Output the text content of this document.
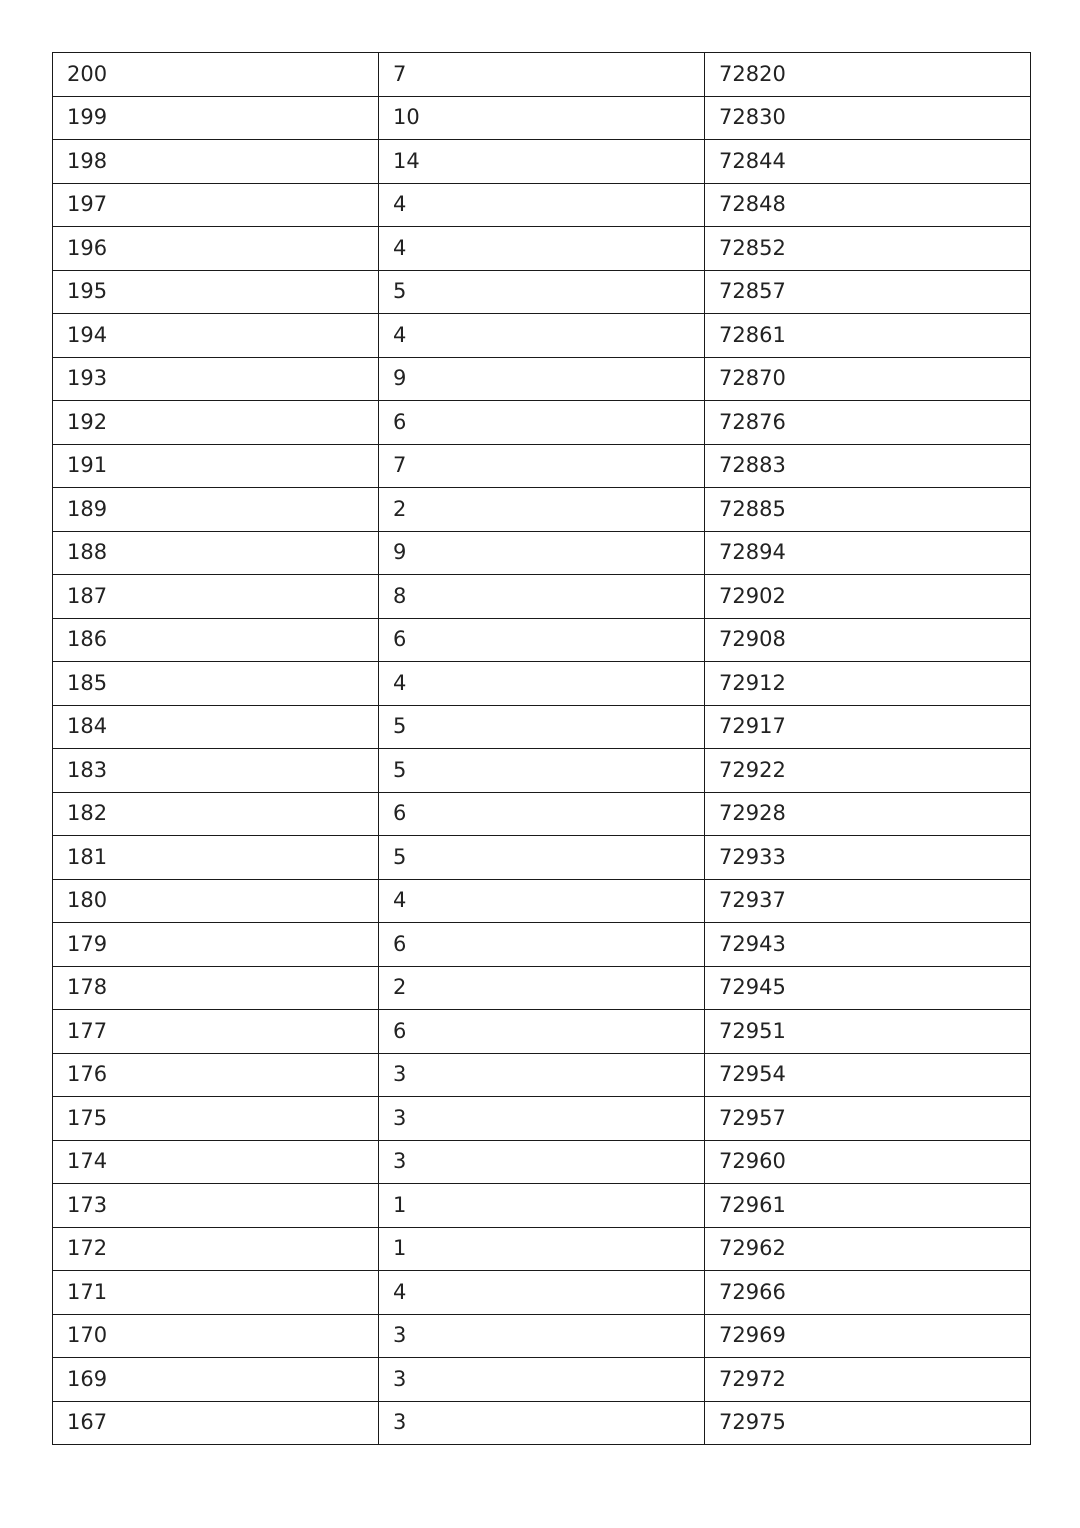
200	7	72820
199	10	72830
198	14	72844
197	4	72848
196	4	72852
195	5	72857
194	4	72861
193	9	72870
192	6	72876
191	7	72883
189	2	72885
188	9	72894
187	8	72902
186	6	72908
185	4	72912
184	5	72917
183	5	72922
182	6	72928
181	5	72933
180	4	72937
179	6	72943
178	2	72945
177	6	72951
176	3	72954
175	3	72957
174	3	72960
173	1	72961
172	1	72962
171	4	72966
170	3	72969
169	3	72972
167	3	72975
